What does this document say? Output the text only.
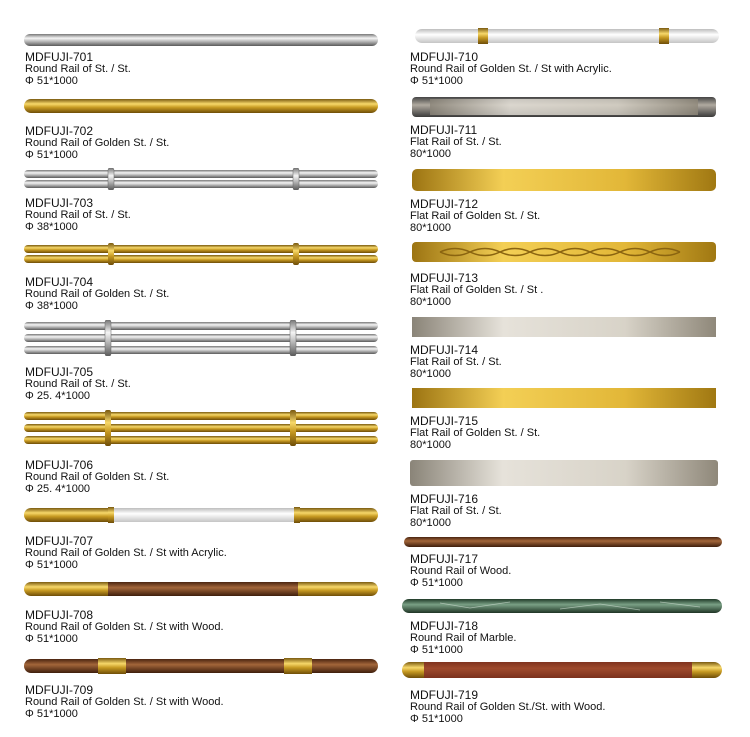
MDFUJI-701
Round Rail of St. / St.
Φ 51*1000
MDFUJI-702
Round Rail of Golden St. / St.
Φ 51*1000
MDFUJI-703
Round Rail of St. / St.
Φ 38*1000
MDFUJI-704
Round Rail of Golden St. / St.
Φ 38*1000
MDFUJI-705
Round Rail of St. / St.
Φ 25. 4*1000
MDFUJI-706
Round Rail of Golden St. / St.
Φ 25. 4*1000
MDFUJI-707
Round Rail of Golden St. / St with Acrylic.
Φ 51*1000
MDFUJI-708
Round Rail of Golden St. / St with Wood.
Φ 51*1000
MDFUJI-709
Round Rail of Golden St. / St with Wood.
Φ 51*1000
MDFUJI-710
Round Rail of Golden St. / St with Acrylic.
Φ 51*1000
MDFUJI-711
Flat Rail of St. / St.
80*1000
MDFUJI-712
Flat Rail of Golden St. / St.
80*1000
MDFUJI-713
Flat Rail of Golden St. / St .
80*1000
MDFUJI-714
Flat Rail of St. / St.
80*1000
MDFUJI-715
Flat Rail of Golden St. / St.
80*1000
MDFUJI-716
Flat Rail of St. / St.
80*1000
MDFUJI-717
Round Rail of Wood.
Φ 51*1000
MDFUJI-718
Round Rail of Marble.
Φ 51*1000
MDFUJI-719
Round Rail of Golden St./St. with Wood.
Φ 51*1000
